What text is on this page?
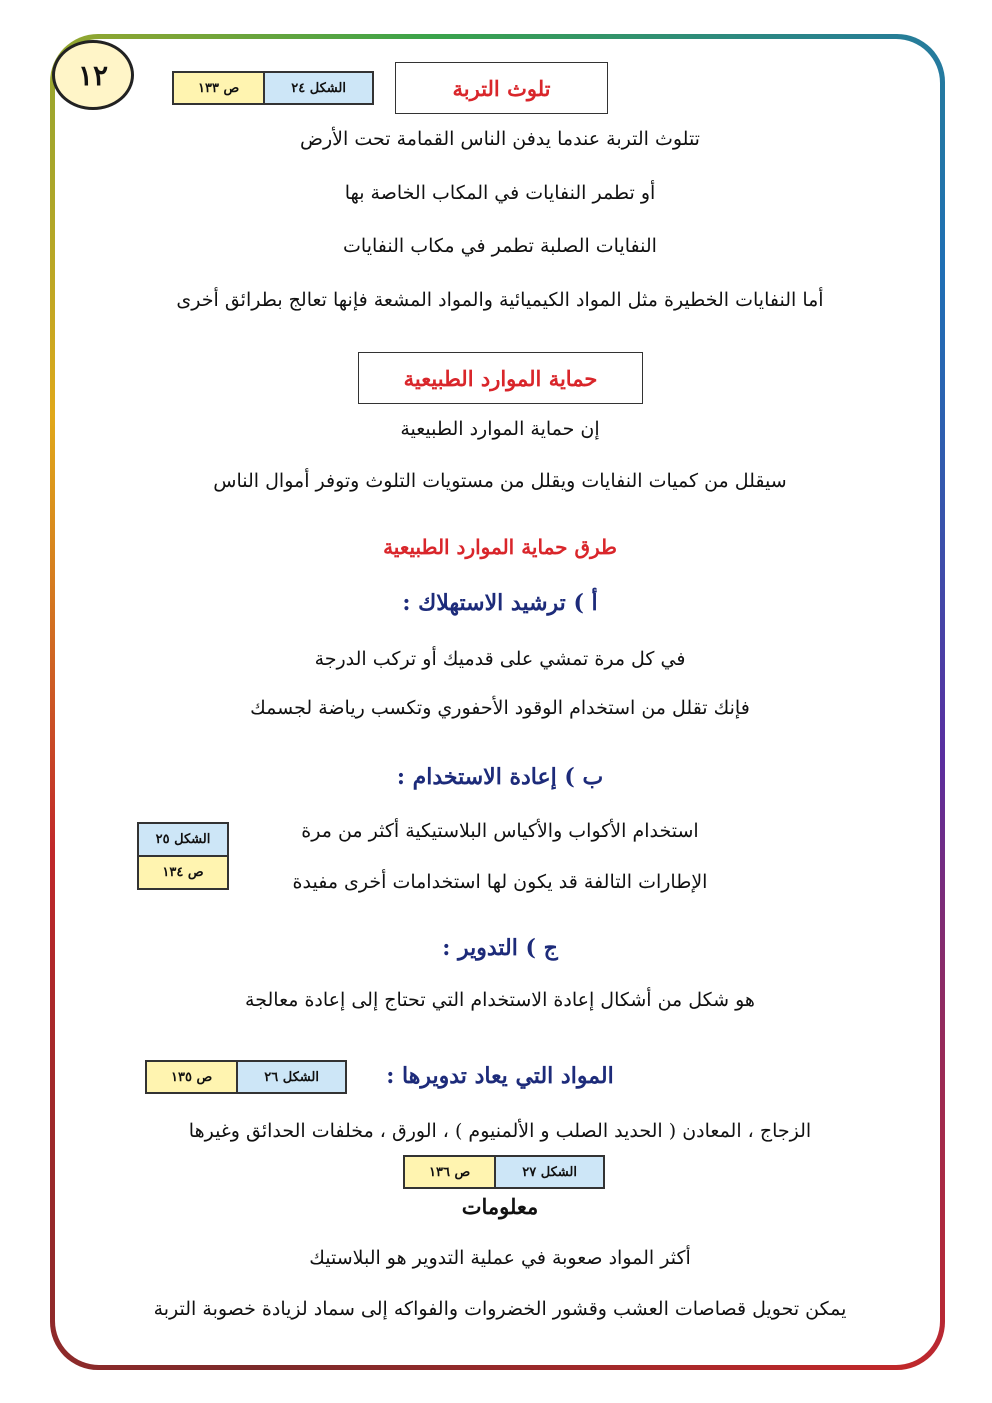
١٢	الشكل ٢٤
ص ١٣٣	تلوث التربة
تتلوث التربة عندما يدفن الناس القمامة تحت الأرض
أو تطمر النفايات في المكاب الخاصة بها
النفايات الصلبة تطمر في مكاب النفايات
أما النفايات الخطيرة مثل المواد الكيميائية والمواد المشعة فإنها تعالج بطرائق أخرى
حماية الموارد الطبيعية
إن حماية الموارد الطبيعية
سيقلل من كميات النفايات ويقلل من مستويات التلوث وتوفر أموال الناس
طرق حماية الموارد الطبيعية
أ ) ترشيد الاستهلاك :
في كل مرة تمشي على قدميك أو تركب الدرجة
فإنك تقلل من استخدام الوقود الأحفوري وتكسب رياضة لجسمك
ب ) إعادة الاستخدام :
استخدام الأكواب والأكياس البلاستيكية أكثر من مرة
الإطارات التالفة قد يكون لها استخدامات أخرى مفيدة
الشكل ٢٥
ص ١٣٤
ج ) التدوير :
هو شكل من أشكال إعادة الاستخدام التي تحتاج إلى إعادة معالجة
المواد التي يعاد تدويرها :
الشكل ٢٦
ص ١٣٥
الزجاج ، المعادن ( الحديد الصلب و الألمنيوم ) ، الورق ، مخلفات الحدائق وغيرها
الشكل ٢٧
ص ١٣٦
معلومات
أكثر المواد صعوبة في عملية التدوير هو البلاستيك
يمكن تحويل قصاصات العشب وقشور الخضروات والفواكه إلى سماد لزيادة خصوبة التربة
